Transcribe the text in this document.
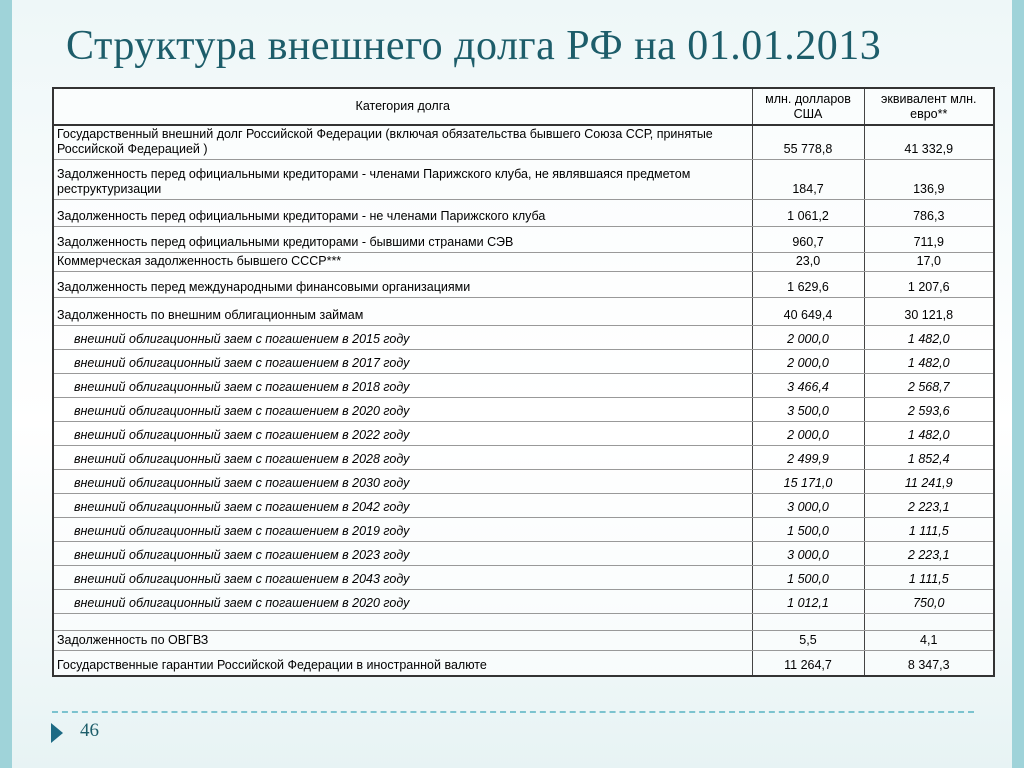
Структура внешнего долга РФ на 01.01.2013
Категория долга	млн. долларов США	эквивалент млн. евро**
Государственный внешний долг Российской Федерации (включая обязательства бывшего Союза ССР, принятые Российской Федерацией )	55 778,8	41 332,9
Задолженность перед официальными кредиторами - членами Парижского клуба, не являвшаяся предметом реструктуризации	184,7	136,9
Задолженность перед официальными кредиторами - не членами Парижского клуба	1 061,2	786,3
Задолженность перед официальными кредиторами - бывшими странами СЭВ	960,7	711,9
Коммерческая задолженность бывшего СССР***	23,0	17,0
Задолженность перед международными финансовыми организациями	1 629,6	1 207,6
Задолженность по внешним облигационным займам	40 649,4	30 121,8
внешний облигационный заем с погашением в 2015 году	2 000,0	1 482,0
внешний облигационный заем с погашением в 2017 году	2 000,0	1 482,0
внешний облигационный заем с погашением в 2018 году	3 466,4	2 568,7
внешний облигационный заем с погашением в 2020 году	3 500,0	2 593,6
внешний облигационный заем с погашением в 2022 году	2 000,0	1 482,0
внешний облигационный заем с погашением в 2028 году	2 499,9	1 852,4
внешний облигационный заем с погашением в 2030 году	15 171,0	11 241,9
внешний облигационный заем с погашением в 2042 году	3 000,0	2 223,1
внешний облигационный заем с погашением в 2019 году	1 500,0	1 111,5
внешний облигационный заем с погашением в 2023 году	3 000,0	2 223,1
внешний облигационный заем с погашением в 2043 году	1 500,0	1 111,5
внешний облигационный заем с погашением в 2020 году	1 012,1	750,0

Задолженность по ОВГВЗ	5,5	4,1
Государственные гарантии Российской Федерации в иностранной валюте	11 264,7	8 347,3
46
